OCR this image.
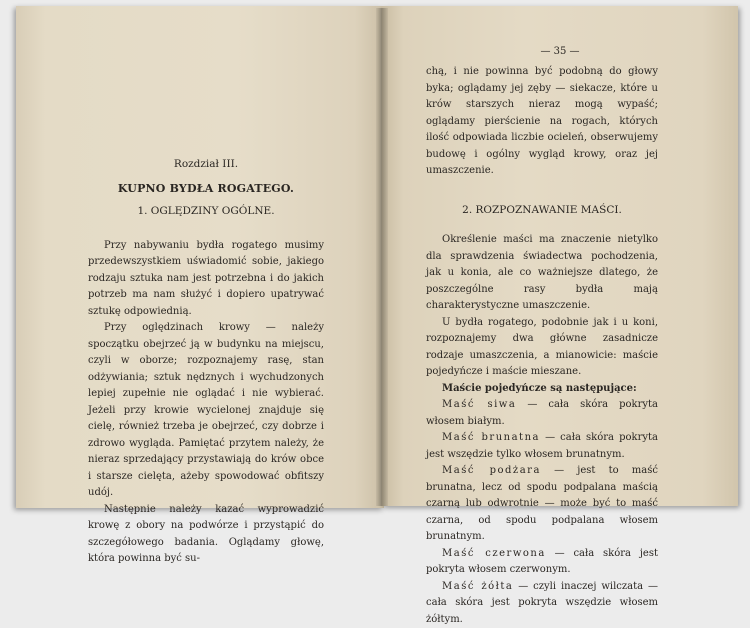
Rozdział III.
KUPNO BYDŁA ROGATEGO.
1. OGLĘDZINY OGÓLNE.

Przy nabywaniu bydła rogatego musimy przedewszystkiem uświadomić sobie, jakiego rodzaju sztuka nam jest potrzebna i do jakich potrzeb ma nam służyć i dopiero upatrywać sztukę odpowiednią.

Przy oględzinach krowy — należy spoczątku obejrzeć ją w budynku na miejscu, czyli w oborze; rozpoznajemy rasę, stan odżywiania; sztuk nędznych i wychudzonych lepiej zupełnie nie oglądać i nie wybierać. Jeżeli przy krowie wycielonej znajduje się cielę, również trzeba je obejrzeć, czy dobrze i zdrowo wygląda. Pamiętać przytem należy, że nieraz sprzedający przystawiają do krów obce i starsze cielęta, ażeby spowodować obfitszy udój.

Następnie należy kazać wyprowadzić krowę z obory na podwórze i przystąpić do szczegółowego badania. Oglądamy głowę, która powinna być su-

— 35 —

chą, i nie powinna być podobną do głowy byka; oglądamy jej zęby — siekacze, które u krów starszych nieraz mogą wypaść; oglądamy pierścienie na rogach, których ilość odpowiada liczbie ocieleń, obserwujemy budowę i ogólny wygląd krowy, oraz jej umaszczenie.

2. ROZPOZNAWANIE MAŚCI.

Określenie maści ma znaczenie nietylko dla sprawdzenia świadectwa pochodzenia, jak u konia, ale co ważniejsze dlatego, że poszczególne rasy bydła mają charakterystyczne umaszczenie.

U bydła rogatego, podobnie jak i u koni, rozpoznajemy dwa główne zasadnicze rodzaje umaszczenia, a mianowicie: maście pojedyńcze i maście mieszane.

Maście pojedyńcze są następujące:

Maść siwa — cała skóra pokryta włosem białym.

Maść brunatna — cała skóra pokryta jest wszędzie tylko włosem brunatnym.

Maść podżara — jest to maść brunatna, lecz od spodu podpalana maścią czarną lub odwrotnie — może być to maść czarna, od spodu podpalana włosem brunatnym.

Maść czerwona — cała skóra jest pokryta włosem czerwonym.

Maść żółta — czyli inaczej wilczata — cała skóra jest pokryta wszędzie włosem żółtym.
